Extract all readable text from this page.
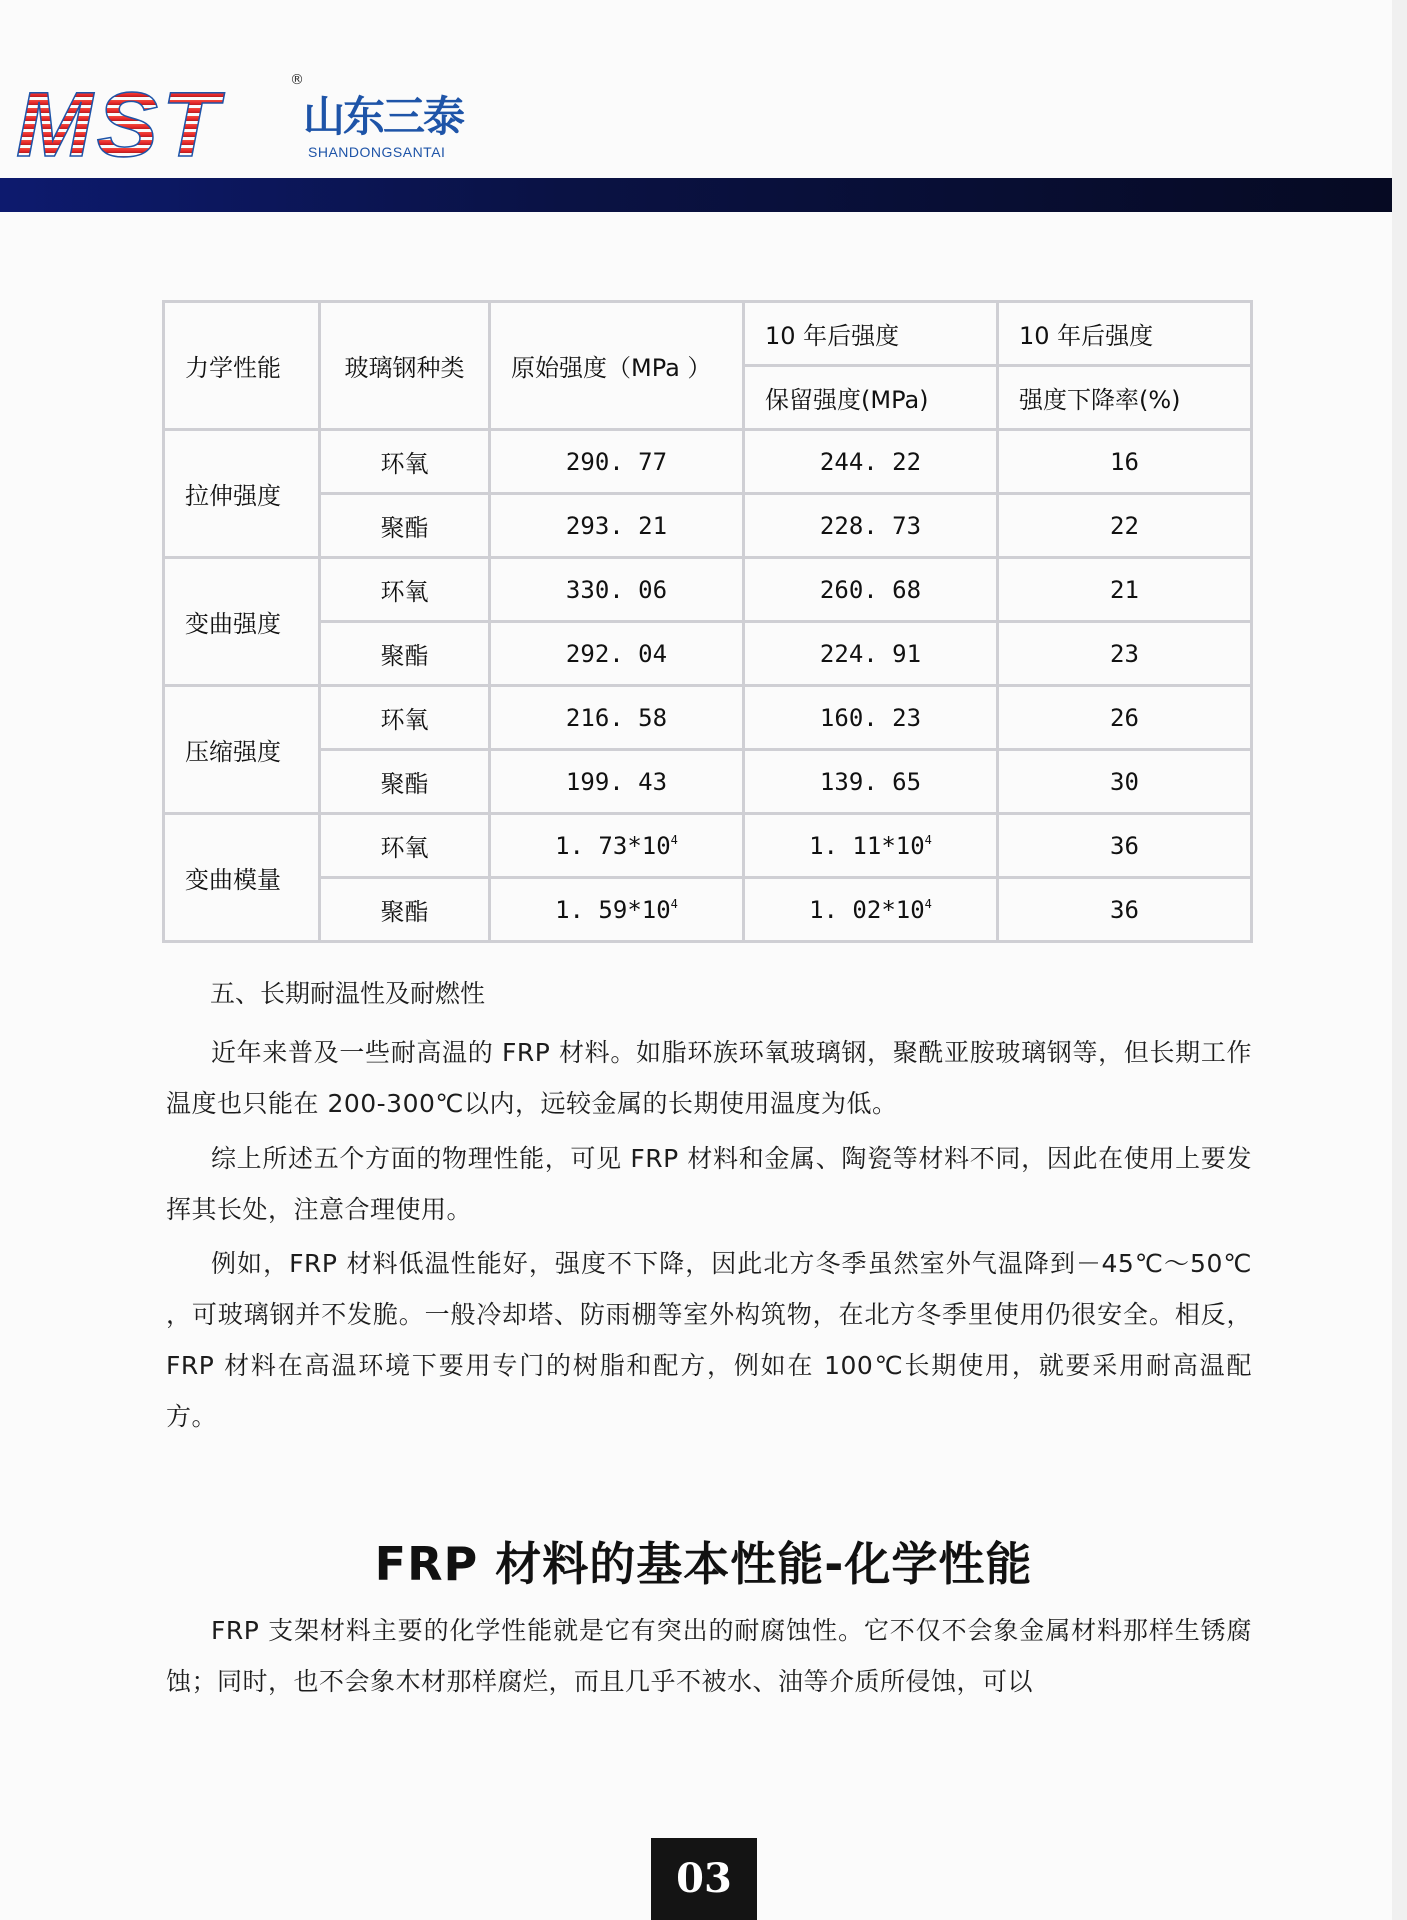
MST	®
山东三泰
SHANDONGSANTAI
力学性能	玻璃钢种类	原始强度（MPa ）	10 年后强度	10 年后强度
			保留强度(MPa)	强度下降率(%)
拉伸强度	环氧	290. 77	244. 22	16
	聚酯	293. 21	228. 73	22
变曲强度	环氧	330. 06	260. 68	21
	聚酯	292. 04	224. 91	23
压缩强度	环氧	216. 58	160. 23	26
	聚酯	199. 43	139. 65	30
变曲模量	环氧	1. $73*10^4$	1. $11*10^4$	36
	聚酯	1. $59*10^4$	1. $02*10^4$	36

五、长期耐温性及耐燃性

近年来普及一些耐高温的 FRP 材料。如脂环族环氧玻璃钢，聚酰亚胺玻璃钢等，但长期工作温度也只能在 200-300℃以内，远较金属的长期使用温度为低。

综上所述五个方面的物理性能，可见 FRP 材料和金属、陶瓷等材料不同，因此在使用上要发挥其长处，注意合理使用。

例如，FRP 材料低温性能好，强度不下降，因此北方冬季虽然室外气温降到－45℃～50℃ ，可玻璃钢并不发脆。一般冷却塔、防雨棚等室外构筑物，在北方冬季里使用仍很安全。相反，FRP 材料在高温环境下要用专门的树脂和配方，例如在 100℃长期使用，就要采用耐高温配方。

FRP 材料的基本性能-化学性能

FRP 支架材料主要的化学性能就是它有突出的耐腐蚀性。它不仅不会象金属材料那样生锈腐蚀；同时，也不会象木材那样腐烂，而且几乎不被水、油等介质所侵蚀，可以

03
